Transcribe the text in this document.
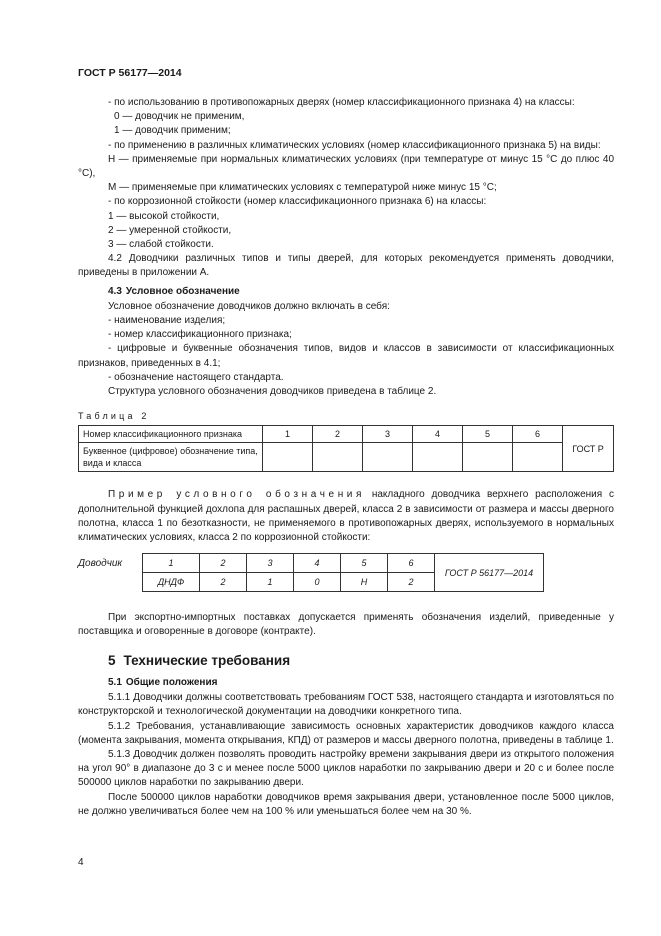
ГОСТ Р 56177—2014

- по использованию в противопожарных дверях (номер классификационного признака 4) на классы:

0 — доводчик не применим,

1 — доводчик применим;

- по применению в различных климатических условиях (номер классификационного признака 5) на виды:

Н — применяемые при нормальных климатических условиях (при температуре от минус 15 °С до плюс 40 °С),

М — применяемые при климатических условиях с температурой ниже минус 15 °С;

- по коррозионной стойкости (номер классификационного признака 6) на классы:

1 — высокой стойкости,

2 — умеренной стойкости,

3 — слабой стойкости.

4.2 Доводчики различных типов и типы дверей, для которых рекомендуется применять доводчики, приведены в приложении А.

4.3 Условное обозначение

Условное обозначение доводчиков должно включать в себя:

- наименование изделия;

- номер классификационного признака;

- цифровые и буквенные обозначения типов, видов и классов в зависимости от классификационных признаков, приведенных в 4.1;

- обозначение настоящего стандарта.

Структура условного обозначения доводчиков приведена в таблице 2.

Таблица 2
Номер классификационного признака	1	2	3	4	5	6	ГОСТ Р
Буквенное (цифровое) обозначение типа, вида и класса							

Пример условного обозначения накладного доводчика верхнего расположения с дополнительной функцией дохлопа для распашных дверей, класса 2 в зависимости от размера и массы дверного полотна, класса 1 по безотказности, не применяемого в противопожарных дверях, используемого в нормальных климатических условиях, класса 2 по коррозионной стойкости:

Доводчик	1	2	3	4	5	6	ГОСТ Р 56177—2014
ДНДФ	2	1	0	Н	2	

При экспортно-импортных поставках допускается применять обозначения изделий, приведенные у поставщика и оговоренные в договоре (контракте).

5 Технические требования
5.1 Общие положения

5.1.1 Доводчики должны соответствовать требованиям ГОСТ 538, настоящего стандарта и изготовляться по конструкторской и технологической документации на доводчики конкретного типа.

5.1.2 Требования, устанавливающие зависимость основных характеристик доводчиков каждого класса (момента закрывания, момента открывания, КПД) от размеров и массы дверного полотна, приведены в таблице 1.

5.1.3 Доводчик должен позволять проводить настройку времени закрывания двери из открытого положения на угол 90° в диапазоне до 3 с и менее после 5000 циклов наработки по закрыванию двери и 20 с и более после 500000 циклов наработки по закрыванию двери.

После 500000 циклов наработки доводчиков время закрывания двери, установленное после 5000 циклов, не должно увеличиваться более чем на 100 % или уменьшаться более чем на 30 %.

4
